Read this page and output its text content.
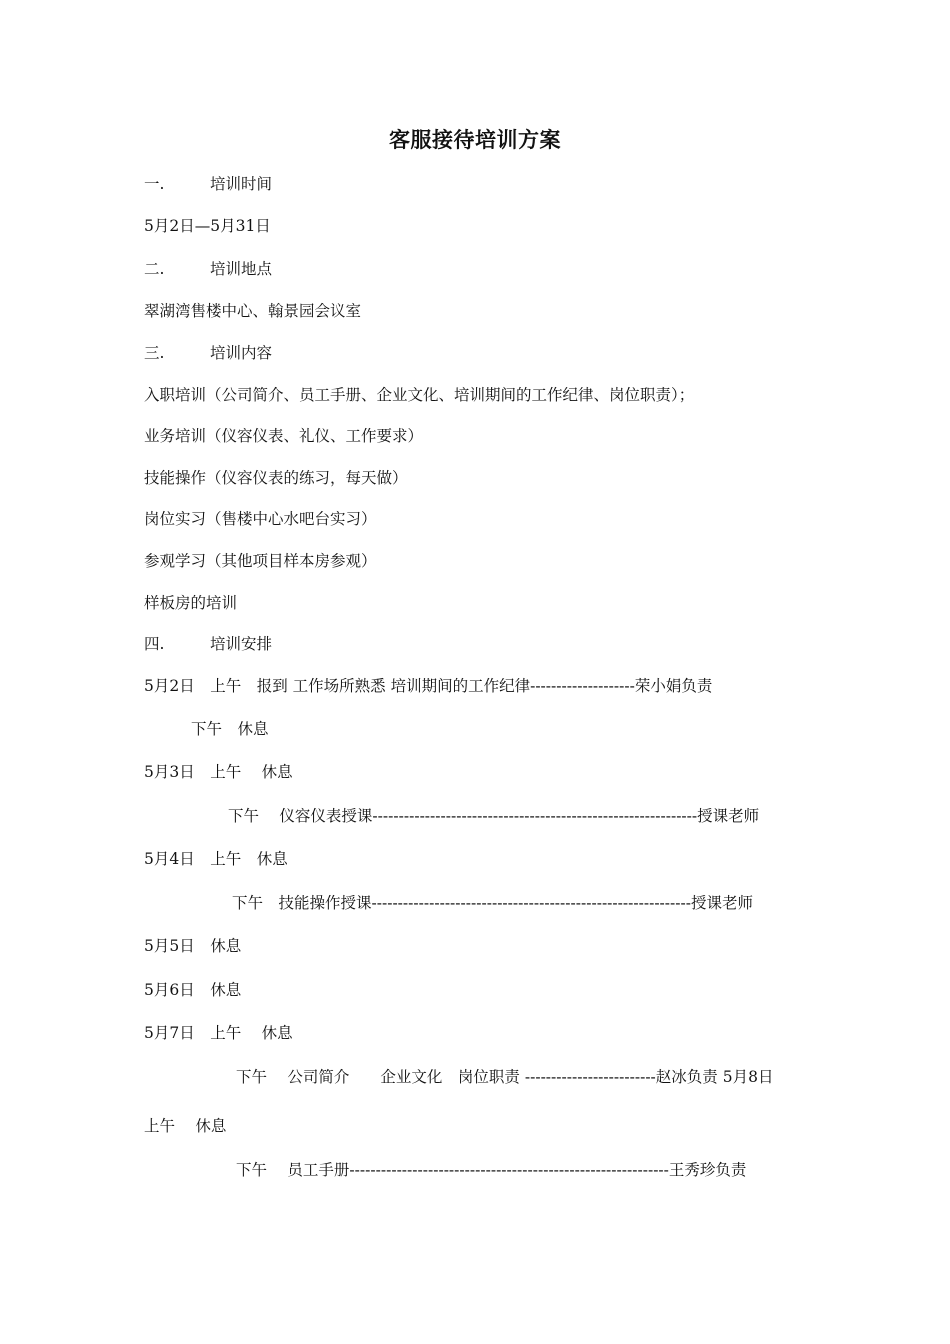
客服接待培训方案
一.	培训时间
5月2日—5月31日
二.	培训地点
翠湖湾售楼中心、翰景园会议室
三.	培训内容
入职培训（公司简介、员工手册、企业文化、培训期间的工作纪律、岗位职责）；
业务培训（仪容仪表、礼仪、工作要求）
技能操作（仪容仪表的练习，每天做）
岗位实习（售楼中心水吧台实习）
参观学习（其他项目样本房参观）
样板房的培训
四.	培训安排
5月2日　上午　报到 工作场所熟悉 培训期间的工作纪律--------------------荣小娟负责
下午　休息
5月3日　上午　 休息
下午　 仪容仪表授课--------------------------------------------------------------授课老师
5月4日　上午　休息
下午　技能操作授课-------------------------------------------------------------授课老师
5月5日　休息
5月6日　休息
5月7日　上午　 休息
下午　 公司简介　　企业文化　岗位职责 -------------------------赵冰负责 5月8日
上午　 休息
下午　 员工手册-------------------------------------------------------------王秀珍负责
